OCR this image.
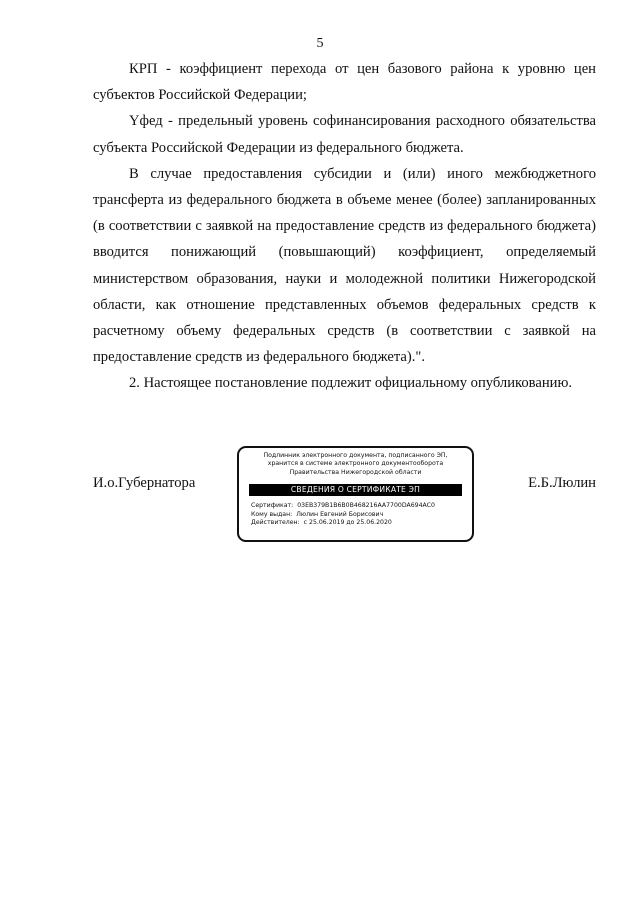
5

КРП - коэффициент перехода от цен базового района к уровню цен субъектов Российской Федерации;

Yфед - предельный уровень софинансирования расходного обязательства субъекта Российской Федерации из федерального бюджета.

В случае предоставления субсидии и (или) иного межбюджетного трансферта из федерального бюджета в объеме менее (более) запланированных (в соответствии с заявкой на предоставление средств из федерального бюджета) вводится понижающий (повышающий) коэффициент, определяемый министерством образования, науки и молодежной политики Нижегородской области, как отношение представленных объемов федеральных средств к расчетному объему федеральных средств (в соответствии с заявкой на предоставление средств из федерального бюджета).".

2. Настоящее постановление подлежит официальному опубликованию.

И.о.Губернатора
Подлинник электронного документа, подписанного ЭП,
хранится в системе электронного документооборота
Правительства Нижегородской области
СВЕДЕНИЯ О СЕРТИФИКАТЕ ЭП
Сертификат: 03EB379B1B6B0B468216AA7700DA694AC0
Кому выдан: Люлин Евгений Борисович
Действителен: с 25.06.2019 до 25.06.2020
Е.Б.Люлин
